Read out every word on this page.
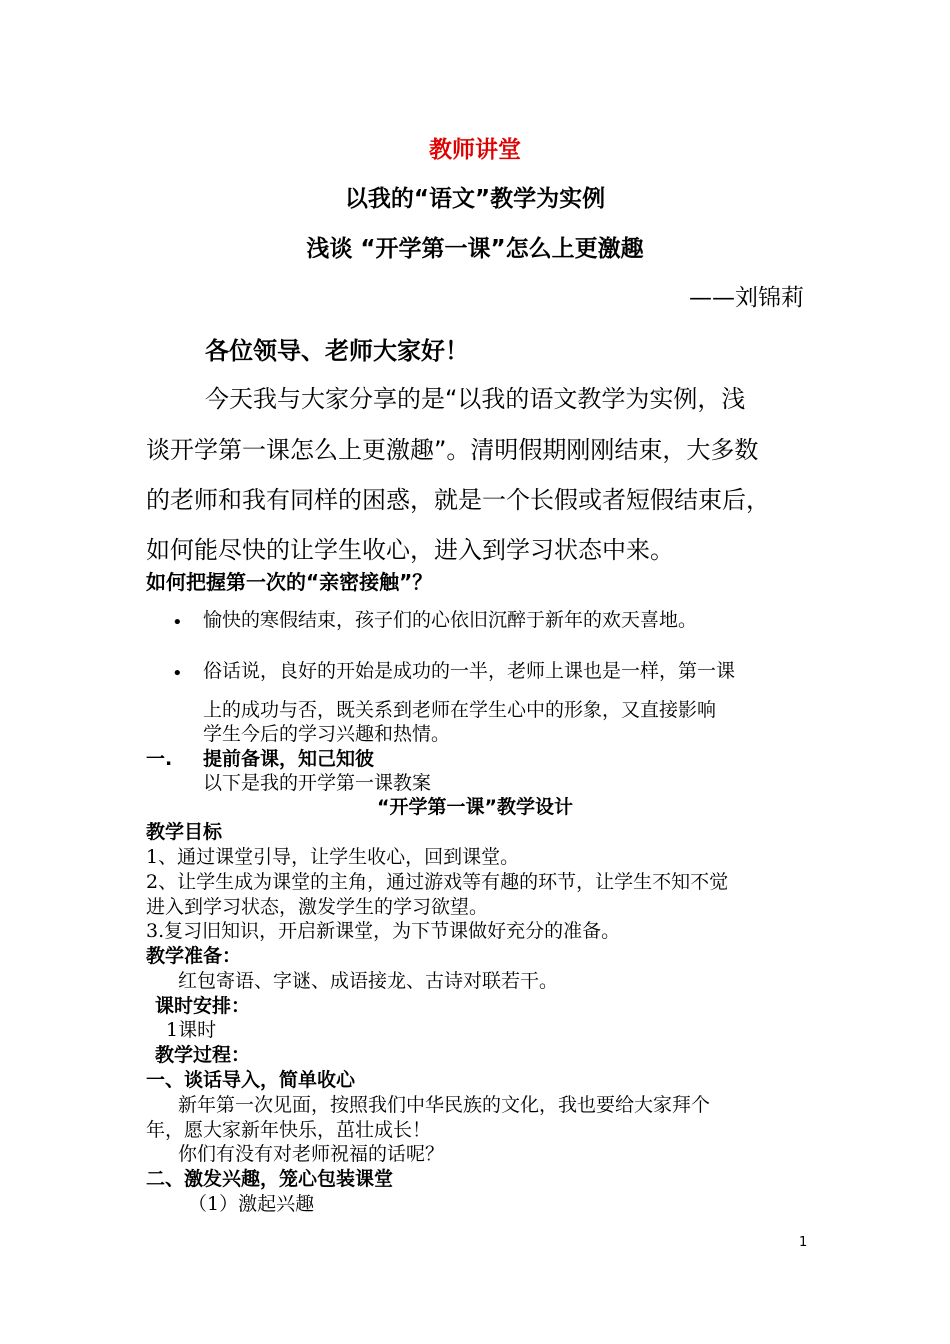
教师讲堂
以我的“语文”教学为实例
浅谈 “开学第一课”怎么上更激趣
——刘锦莉
各位领导、老师大家好！
今天我与大家分享的是“以我的语文教学为实例，浅
谈开学第一课怎么上更激趣”。清明假期刚刚结束，大多数
的老师和我有同样的困惑，就是一个长假或者短假结束后，
如何能尽快的让学生收心，进入到学习状态中来。
如何把握第一次的“亲密接触”？
• 愉快的寒假结束，孩子们的心依旧沉醉于新年的欢天喜地。
• 俗话说，良好的开始是成功的一半，老师上课也是一样，第一课
上的成功与否，既关系到老师在学生心中的形象，又直接影响
学生今后的学习兴趣和热情。
一. 提前备课，知己知彼
以下是我的开学第一课教案
“开学第一课”教学设计
教学目标
1、通过课堂引导，让学生收心，回到课堂。
2、让学生成为课堂的主角，通过游戏等有趣的环节，让学生不知不觉
进入到学习状态，激发学生的学习欲望。
3.复习旧知识，开启新课堂，为下节课做好充分的准备。
教学准备：
红包寄语、字谜、成语接龙、古诗对联若干。
课时安排：
1课时
教学过程：
一、谈话导入，简单收心
新年第一次见面，按照我们中华民族的文化，我也要给大家拜个
年，愿大家新年快乐，茁壮成长！
你们有没有对老师祝福的话呢？
二、激发兴趣，笼心包装课堂
（1）激起兴趣
1
